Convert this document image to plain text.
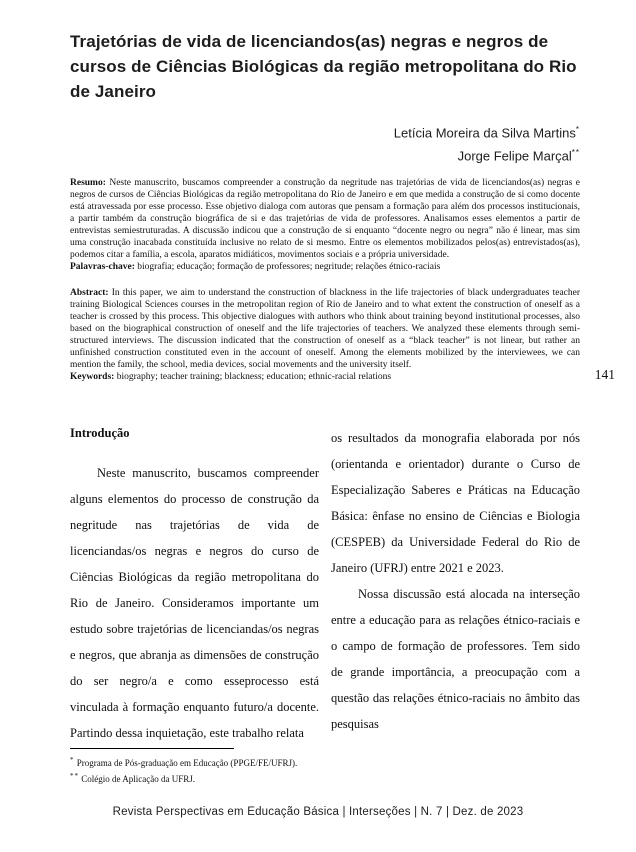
Trajetórias de vida de licenciandos(as) negras e negros de cursos de Ciências Biológicas da região metropolitana do Rio de Janeiro
Letícia Moreira da Silva Martins*
Jorge Felipe Marçal**

Resumo: Neste manuscrito, buscamos compreender a construção da negritude nas trajetórias de vida de licenciandos(as) negras e negros de cursos de Ciências Biológicas da região metropolitana do Rio de Janeiro e em que medida a construção de si como docente está atravessada por esse processo. Esse objetivo dialoga com autoras que pensam a formação para além dos processos institucionais, a partir também da construção biográfica de si e das trajetórias de vida de professores. Analisamos esses elementos a partir de entrevistas semiestruturadas. A discussão indicou que a construção de si enquanto “docente negro ou negra” não é linear, mas sim uma construção inacabada constituída inclusive no relato de si mesmo. Entre os elementos mobilizados pelos(as) entrevistados(as), podemos citar a família, a escola, aparatos midiáticos, movimentos sociais e a própria universidade.

Palavras-chave: biografia; educação; formação de professores; negritude; relações étnico-raciais

Abstract: In this paper, we aim to understand the construction of blackness in the life trajectories of black undergraduates teacher training Biological Sciences courses in the metropolitan region of Rio de Janeiro and to what extent the construction of oneself as a teacher is crossed by this process. This objective dialogues with authors who think about training beyond institutional processes, also based on the biographical construction of oneself and the life trajectories of teachers. We analyzed these elements through semi-structured interviews. The discussion indicated that the construction of oneself as a “black teacher” is not linear, but rather an unfinished construction constituted even in the account of oneself. Among the elements mobilized by the interviewees, we can mention the family, the school, media devices, social movements and the university itself.

Keywords: biography; teacher training; blackness; education; ethnic-racial relations

Introdução

Neste manuscrito, buscamos compreender alguns elementos do processo de construção da negritude nas trajetórias de vida de licenciandas/os negras e negros do curso de Ciências Biológicas da região metropolitana do Rio de Janeiro. Consideramos importante um estudo sobre trajetórias de licenciandas/os negras e negros, que abranja as dimensões de construção do ser negro/a e como esseprocesso está vinculada à formação enquanto futuro/a docente. Partindo dessa inquietação, este trabalho relata

os resultados da monografia elaborada por nós (orientanda e orientador) durante o Curso de Especialização Saberes e Práticas na Educação Básica: ênfase no ensino de Ciências e Biologia (CESPEB) da Universidade Federal do Rio de Janeiro (UFRJ) entre 2021 e 2023.

Nossa discussão está alocada na interseção entre a educação para as relações étnico-raciais e o campo de formação de professores. Tem sido de grande importância, a preocupação com a questão das relações étnico-raciais no âmbito das pesquisas

* Programa de Pós-graduação em Educação (PPGE/FE/UFRJ).

** Colégio de Aplicação da UFRJ.

141
Revista Perspectivas em Educação Básica | Interseções | N. 7 | Dez. de 2023
